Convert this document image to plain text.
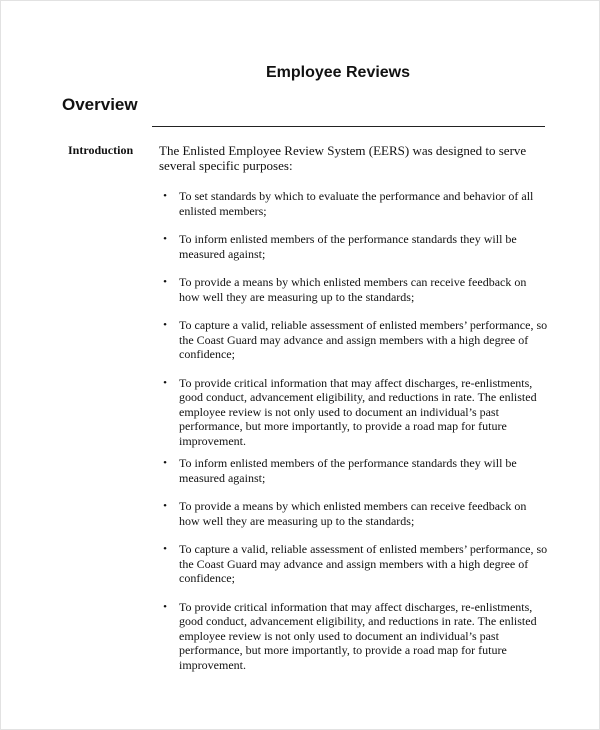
Employee Reviews
Overview
Introduction The Enlisted Employee Review System (EERS) was designed to serve several specific purposes:
•	To set standards by which to evaluate the performance and behavior of all enlisted members;
•	To inform enlisted members of the performance standards they will be measured against;
•	To provide a means by which enlisted members can receive feedback on how well they are measuring up to the standards;
•	To capture a valid, reliable assessment of enlisted members’ performance, so the Coast Guard may advance and assign members with a high degree of confidence;
•	To provide critical information that may affect discharges, re-enlistments, good conduct, advancement eligibility, and reductions in rate. The enlisted employee review is not only used to document an individual’s past performance, but more importantly, to provide a road map for future improvement.
•	To inform enlisted members of the performance standards they will be measured against;
•	To provide a means by which enlisted members can receive feedback on how well they are measuring up to the standards;
•	To capture a valid, reliable assessment of enlisted members’ performance, so the Coast Guard may advance and assign members with a high degree of confidence;
•	To provide critical information that may affect discharges, re-enlistments, good conduct, advancement eligibility, and reductions in rate. The enlisted employee review is not only used to document an individual’s past performance, but more importantly, to provide a road map for future improvement.
